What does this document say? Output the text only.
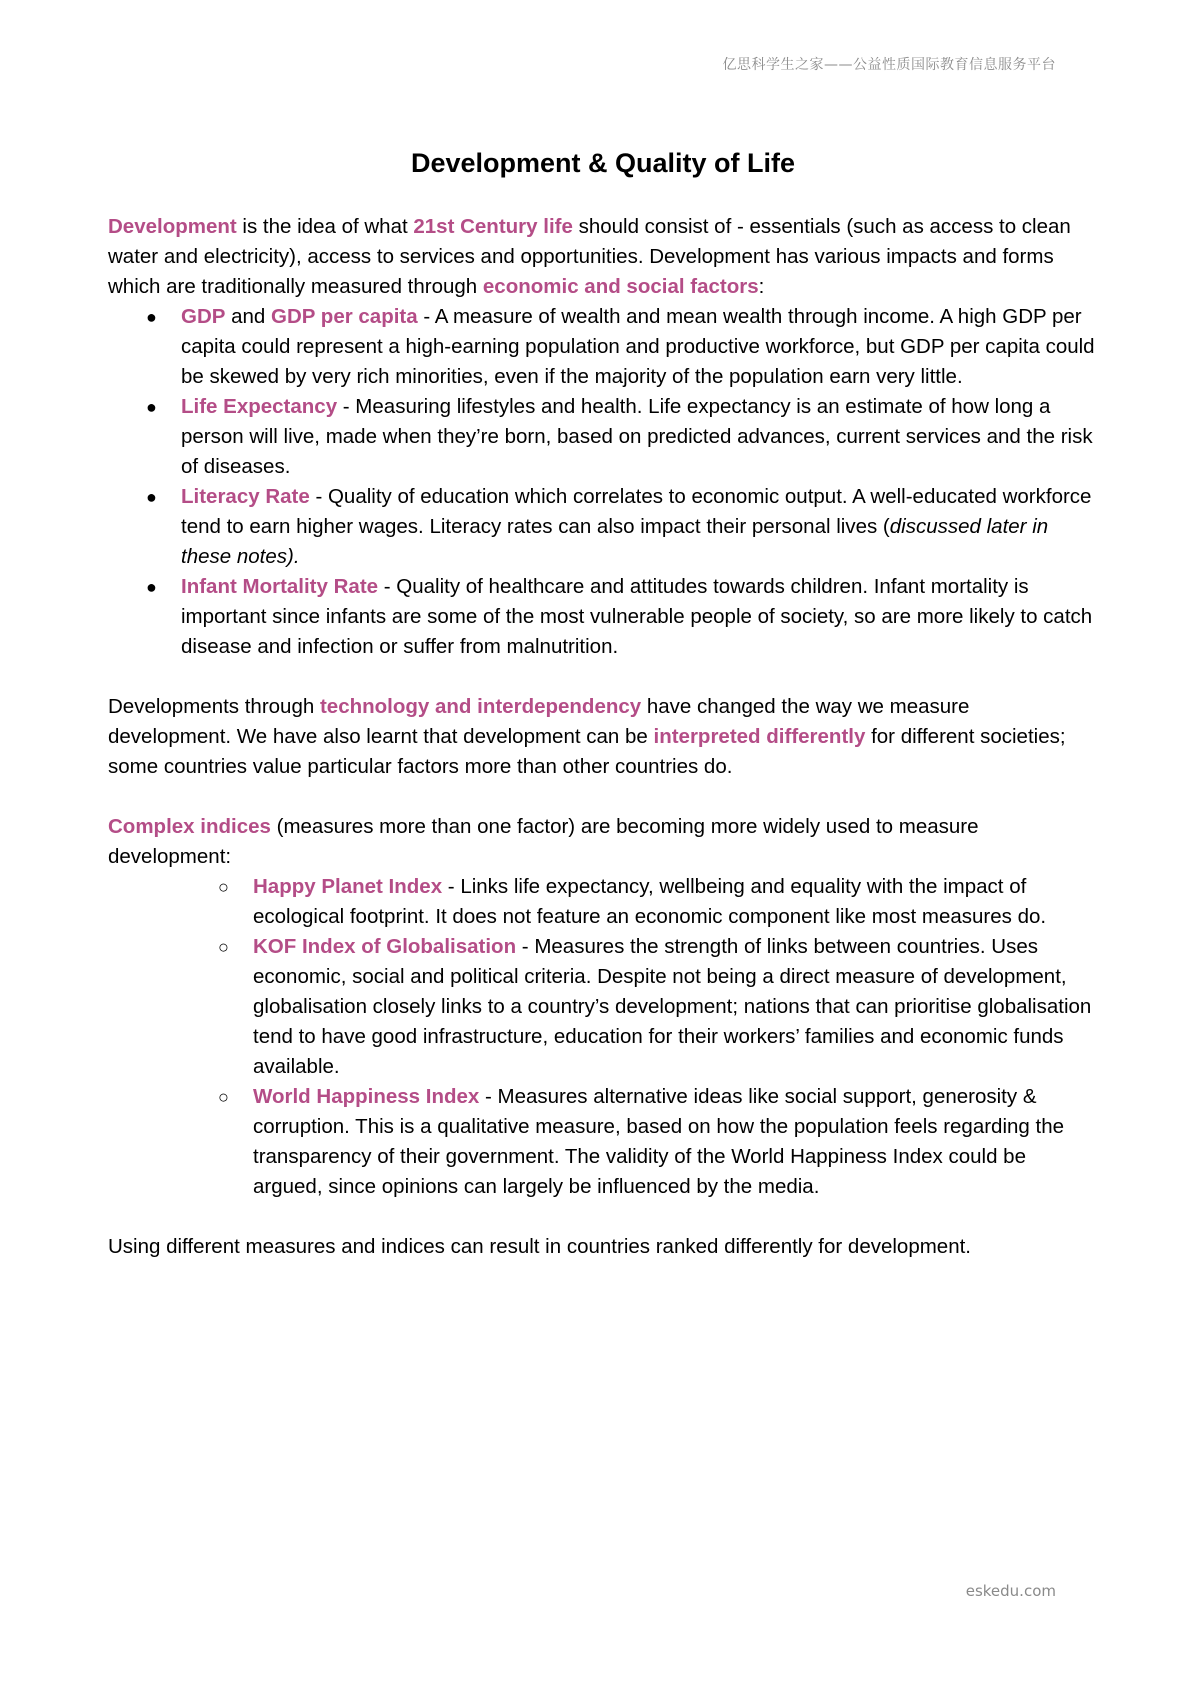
亿思科学生之家——公益性质国际教育信息服务平台
Development & Quality of Life

Development is the idea of what 21st Century life should consist of - essentials (such as access to clean water and electricity), access to services and opportunities. Development has various impacts and forms which are traditionally measured through economic and social factors:

● GDP and GDP per capita - A measure of wealth and mean wealth through income. A high GDP per capita could represent a high-earning population and productive workforce, but GDP per capita could be skewed by very rich minorities, even if the majority of the population earn very little.
● Life Expectancy - Measuring lifestyles and health. Life expectancy is an estimate of how long a person will live, made when they’re born, based on predicted advances, current services and the risk of diseases.
● Literacy Rate - Quality of education which correlates to economic output. A well-educated workforce tend to earn higher wages. Literacy rates can also impact their personal lives (discussed later in these notes).
● Infant Mortality Rate - Quality of healthcare and attitudes towards children. Infant mortality is important since infants are some of the most vulnerable people of society, so are more likely to catch disease and infection or suffer from malnutrition.

Developments through technology and interdependency have changed the way we measure development. We have also learnt that development can be interpreted differently for different societies; some countries value particular factors more than other countries do.

Complex indices (measures more than one factor) are becoming more widely used to measure development:

○ Happy Planet Index - Links life expectancy, wellbeing and equality with the impact of ecological footprint. It does not feature an economic component like most measures do.
○ KOF Index of Globalisation - Measures the strength of links between countries. Uses economic, social and political criteria. Despite not being a direct measure of development, globalisation closely links to a country’s development; nations that can prioritise globalisation tend to have good infrastructure, education for their workers’ families and economic funds available.
○ World Happiness Index - Measures alternative ideas like social support, generosity & corruption. This is a qualitative measure, based on how the population feels regarding the transparency of their government. The validity of the World Happiness Index could be argued, since opinions can largely be influenced by the media.

Using different measures and indices can result in countries ranked differently for development.

eskedu.com
